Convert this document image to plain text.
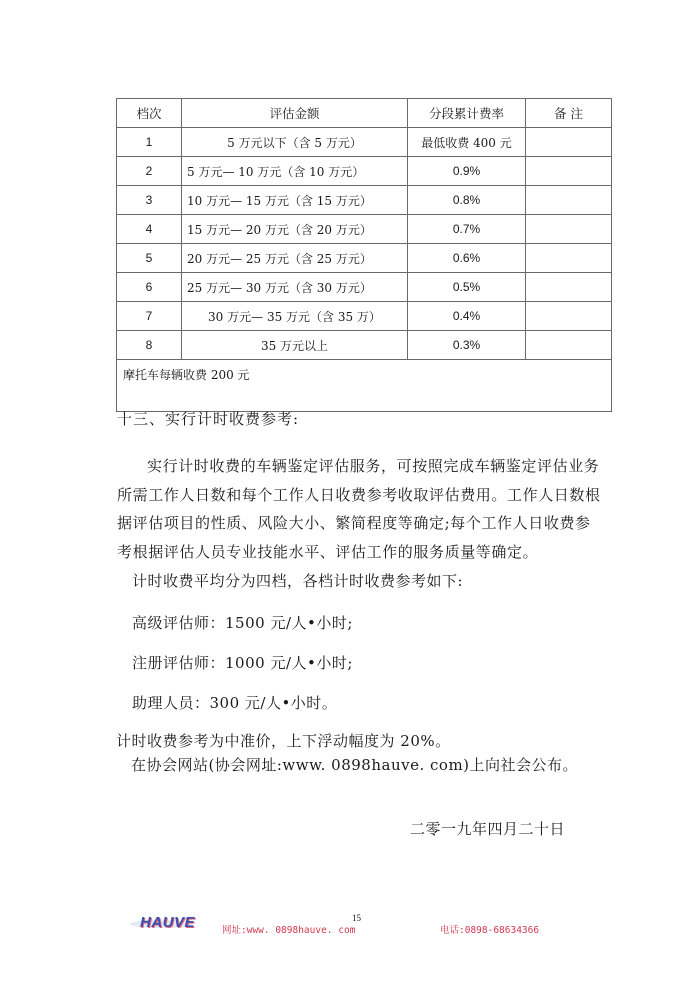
档次	评估金额	分段累计费率	备 注
1	5 万元以下（含 5 万元）	最低收费 400 元	
2	5 万元— 10 万元（含 10 万元）	0.9%	
3	10 万元— 15 万元（含 15 万元）	0.8%	
4	15 万元— 20 万元（含 20 万元）	0.7%	
5	20 万元— 25 万元（含 25 万元）	0.6%	
6	25 万元— 30 万元（含 30 万元）	0.5%	
7	30 万元— 35 万元（含 35 万）	0.4%	
8	35 万元以上	0.3%	
摩托车每辆收费 200 元			
十三、实行计时收费参考:
实行计时收费的车辆鉴定评估服务，可按照完成车辆鉴定评估业务所需工作人日数和每个工作人日收费参考收取评估费用。工作人日数根据评估项目的性质、风险大小、繁简程度等确定;每个工作人日收费参考根据评估人员专业技能水平、评估工作的服务质量等确定。
计时收费平均分为四档，各档计时收费参考如下:
高级评估师：1500 元/人•小时;
注册评估师：1000 元/人•小时;
助理人员：300 元/人•小时。
计时收费参考为中准价，上下浮动幅度为 20%。
在协会网站(协会网址:www. 0898hauve. com)上向社会公布。
二零一九年四月二十日
HAUVE	网址:www. 0898hauve. com
15
电话:0898-68634366
